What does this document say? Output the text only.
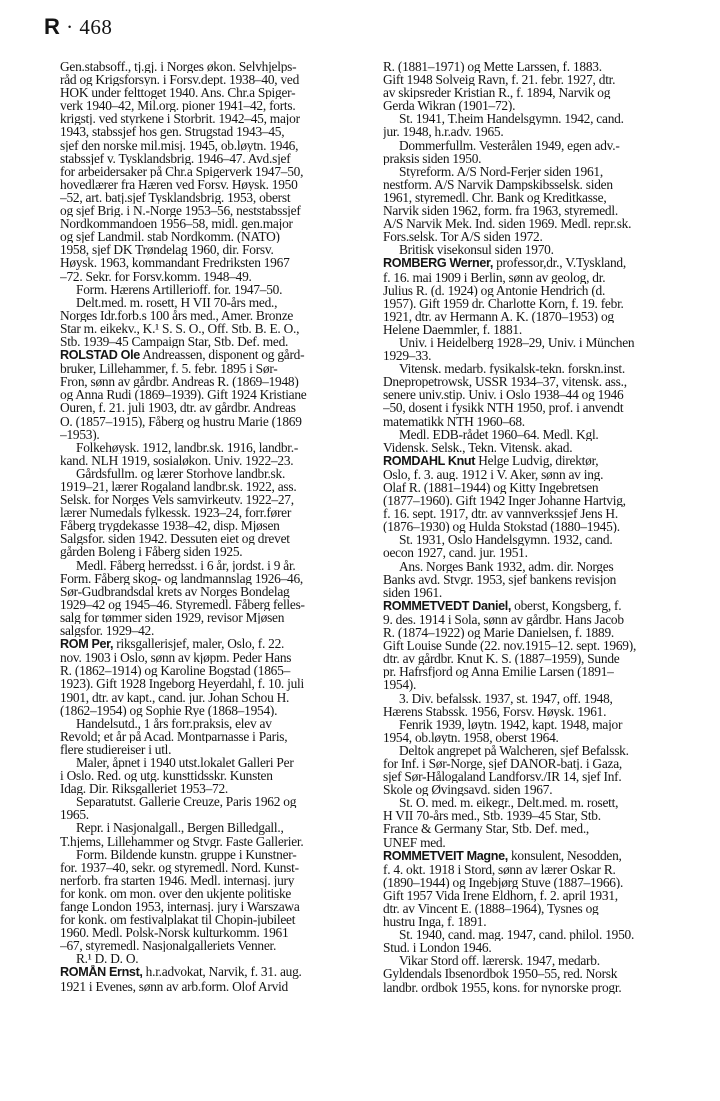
R · 468
Gen.stabsoff., tj.gj. i Norges økon. Selvhjelps-
råd og Krigsforsyn. i Forsv.dept. 1938–40, ved
HOK under felttoget 1940. Ans. Chr.a Spiger-
verk 1940–42, Mil.org. pioner 1941–42, forts.
krigstj. ved styrkene i Storbrit. 1942–45, major
1943, stabssjef hos gen. Strugstad 1943–45,
sjef den norske mil.misj. 1945, ob.løytn. 1946,
stabssjef v. Tysklandsbrig. 1946–47. Avd.sjef
for arbeidersaker på Chr.a Spigerverk 1947–50,
hovedlærer fra Hæren ved Forsv. Høysk. 1950
–52, art. batj.sjef Tysklandsbrig. 1953, oberst
og sjef Brig. i N.-Norge 1953–56, neststabssjef
Nordkommandoen 1956–58, midl. gen.major
og sjef Landmil. stab Nordkomm. (NATO)
1958, sjef DK Trøndelag 1960, dir. Forsv.
Høysk. 1963, kommandant Fredriksten 1967
–72. Sekr. for Forsv.komm. 1948–49.
Form. Hærens Artillerioff. for. 1947–50.
Delt.med. m. rosett, H VII 70-års med.,
Norges Idr.forb.s 100 års med., Amer. Bronze
Star m. eikekv., K.¹ S. S. O., Off. Stb. B. E. O.,
Stb. 1939–45 Campaign Star, Stb. Def. med.
ROLSTAD Ole Andreassen, disponent og gård-
bruker, Lillehammer, f. 5. febr. 1895 i Sør-
Fron, sønn av gårdbr. Andreas R. (1869–1948)
og Anna Rudi (1869–1939). Gift 1924 Kristiane
Ouren, f. 21. juli 1903, dtr. av gårdbr. Andreas
O. (1857–1915), Fåberg og hustru Marie (1869
–1953).
Folkehøysk. 1912, landbr.sk. 1916, landbr.-
kand. NLH 1919, sosialøkon. Univ. 1922–23.
Gårdsfullm. og lærer Storhove landbr.sk.
1919–21, lærer Rogaland landbr.sk. 1922, ass.
Selsk. for Norges Vels samvirkeutv. 1922–27,
lærer Numedals fylkessk. 1923–24, forr.fører
Fåberg trygdekasse 1938–42, disp. Mjøsen
Salgsfor. siden 1942. Dessuten eiet og drevet
gården Boleng i Fåberg siden 1925.
Medl. Fåberg herredsst. i 6 år, jordst. i 9 år.
Form. Fåberg skog- og landmannslag 1926–46,
Sør-Gudbrandsdal krets av Norges Bondelag
1929–42 og 1945–46. Styremedl. Fåberg felles-
salg for tømmer siden 1929, revisor Mjøsen
salgsfor. 1929–42.
ROM Per, riksgallerisjef, maler, Oslo, f. 22.
nov. 1903 i Oslo, sønn av kjøpm. Peder Hans
R. (1862–1914) og Karoline Bogstad (1865–
1923). Gift 1928 Ingeborg Heyerdahl, f. 10. juli
1901, dtr. av kapt., cand. jur. Johan Schou H.
(1862–1954) og Sophie Rye (1868–1954).
Handelsutd., 1 års forr.praksis, elev av
Revold; et år på Acad. Montparnasse i Paris,
flere studiereiser i utl.
Maler, åpnet i 1940 utst.lokalet Galleri Per
i Oslo. Red. og utg. kunsttidsskr. Kunsten
Idag. Dir. Riksgalleriet 1953–72.
Separatutst. Gallerie Creuze, Paris 1962 og
1965.
Repr. i Nasjonalgall., Bergen Billedgall.,
T.hjems, Lillehammer og Stvgr. Faste Gallerier.
Form. Bildende kunstn. gruppe i Kunstner-
for. 1937–40, sekr. og styremedl. Nord. Kunst-
nerforb. fra starten 1946. Medl. internasj. jury
for konk. om mon. over den ukjente politiske
fange London 1953, internasj. jury i Warszawa
for konk. om festivalplakat til Chopin-jubileet
1960. Medl. Polsk-Norsk kulturkomm. 1961
–67, styremedl. Nasjonalgalleriets Venner.
R.¹ D. D. O.
ROMÅN Ernst, h.r.advokat, Narvik, f. 31. aug.
1921 i Evenes, sønn av arb.form. Olof Arvid
R. (1881–1971) og Mette Larssen, f. 1883.
Gift 1948 Solveig Ravn, f. 21. febr. 1927, dtr.
av skipsreder Kristian R., f. 1894, Narvik og
Gerda Wikran (1901–72).
St. 1941, T.heim Handelsgymn. 1942, cand.
jur. 1948, h.r.adv. 1965.
Dommerfullm. Vesterålen 1949, egen adv.-
praksis siden 1950.
Styreform. A/S Nord-Ferjer siden 1961,
nestform. A/S Narvik Dampskibsselsk. siden
1961, styremedl. Chr. Bank og Kreditkasse,
Narvik siden 1962, form. fra 1963, styremedl.
A/S Narvik Mek. Ind. siden 1969. Medl. repr.sk.
Fors.selsk. Tor A/S siden 1972.
Britisk visekonsul siden 1970.
ROMBERG Werner, professor,dr., V.Tyskland,
f. 16. mai 1909 i Berlin, sønn av geolog, dr.
Julius R. (d. 1924) og Antonie Hendrich (d.
1957). Gift 1959 dr. Charlotte Korn, f. 19. febr.
1921, dtr. av Hermann A. K. (1870–1953) og
Helene Daemmler, f. 1881.
Univ. i Heidelberg 1928–29, Univ. i München
1929–33.
Vitensk. medarb. fysikalsk-tekn. forskn.inst.
Dnepropetrowsk, USSR 1934–37, vitensk. ass.,
senere univ.stip. Univ. i Oslo 1938–44 og 1946
–50, dosent i fysikk NTH 1950, prof. i anvendt
matematikk NTH 1960–68.
Medl. EDB-rådet 1960–64. Medl. Kgl.
Vidensk. Selsk., Tekn. Vitensk. akad.
ROMDAHL Knut Helge Ludvig, direktør,
Oslo, f. 3. aug. 1912 i V. Aker, sønn av ing.
Olaf R. (1881–1944) og Kitty Ingebretsen
(1877–1960). Gift 1942 Inger Johanne Hartvig,
f. 16. sept. 1917, dtr. av vannverkssjef Jens H.
(1876–1930) og Hulda Stokstad (1880–1945).
St. 1931, Oslo Handelsgymn. 1932, cand.
oecon 1927, cand. jur. 1951.
Ans. Norges Bank 1932, adm. dir. Norges
Banks avd. Stvgr. 1953, sjef bankens revisjon
siden 1961.
ROMMETVEDT Daniel, oberst, Kongsberg, f.
9. des. 1914 i Sola, sønn av gårdbr. Hans Jacob
R. (1874–1922) og Marie Danielsen, f. 1889.
Gift Louise Sunde (22. nov.1915–12. sept. 1969),
dtr. av gårdbr. Knut K. S. (1887–1959), Sunde
pr. Hafrsfjord og Anna Emilie Larsen (1891–
1954).
3. Div. befalssk. 1937, st. 1947, off. 1948,
Hærens Stabssk. 1956, Forsv. Høysk. 1961.
Fenrik 1939, løytn. 1942, kapt. 1948, major
1954, ob.løytn. 1958, oberst 1964.
Deltok angrepet på Walcheren, sjef Befalssk.
for Inf. i Sør-Norge, sjef DANOR-batj. i Gaza,
sjef Sør-Hålogaland Landforsv./IR 14, sjef Inf.
Skole og Øvingsavd. siden 1967.
St. O. med. m. eikegr., Delt.med. m. rosett,
H VII 70-års med., Stb. 1939–45 Star, Stb.
France & Germany Star, Stb. Def. med.,
UNEF med.
ROMMETVEIT Magne, konsulent, Nesodden,
f. 4. okt. 1918 i Stord, sønn av lærer Oskar R.
(1890–1944) og Ingebjørg Stuve (1887–1966).
Gift 1957 Vida Irene Eldhorn, f. 2. april 1931,
dtr. av Vincent E. (1888–1964), Tysnes og
hustru Inga, f. 1891.
St. 1940, cand. mag. 1947, cand. philol. 1950.
Stud. i London 1946.
Vikar Stord off. lærersk. 1947, medarb.
Gyldendals Ibsenordbok 1950–55, red. Norsk
landbr. ordbok 1955, kons. for nynorske progr.
